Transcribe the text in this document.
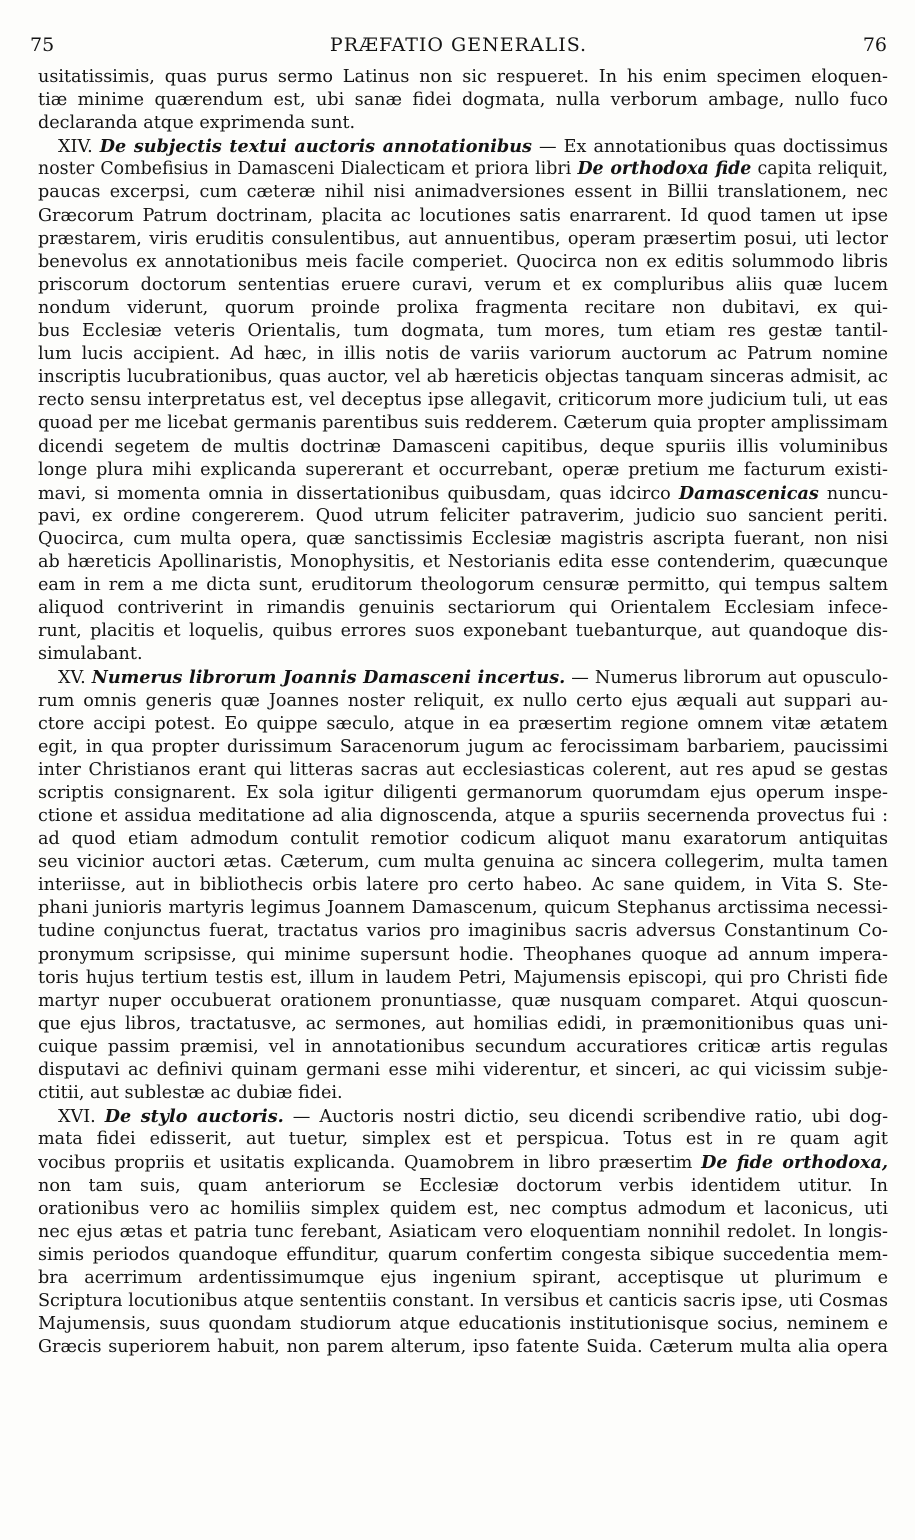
75	PRÆFATIO GENERALIS.	76
usitatissimis, quas purus sermo Latinus non sic respueret. In his enim specimen eloquen-
tiæ minime quærendum est, ubi sanæ fidei dogmata, nulla verborum ambage, nullo fuco
declaranda atque exprimenda sunt.
XIV. De subjectis textui auctoris annotationibus — Ex annotationibus quas doctissimus
noster Combefisius in Damasceni Dialecticam et priora libri De orthodoxa fide capita reliquit,
paucas excerpsi, cum cæteræ nihil nisi animadversiones essent in Billii translationem, nec
Græcorum Patrum doctrinam, placita ac locutiones satis enarrarent. Id quod tamen ut ipse
præstarem, viris eruditis consulentibus, aut annuentibus, operam præsertim posui, uti lector
benevolus ex annotationibus meis facile comperiet. Quocirca non ex editis solummodo libris
priscorum doctorum sententias eruere curavi, verum et ex compluribus aliis quæ lucem
nondum viderunt, quorum proinde prolixa fragmenta recitare non dubitavi, ex qui-
bus Ecclesiæ veteris Orientalis, tum dogmata, tum mores, tum etiam res gestæ tantil-
lum lucis accipient. Ad hæc, in illis notis de variis variorum auctorum ac Patrum nomine
inscriptis lucubrationibus, quas auctor, vel ab hæreticis objectas tanquam sinceras admisit, ac
recto sensu interpretatus est, vel deceptus ipse allegavit, criticorum more judicium tuli, ut eas
quoad per me licebat germanis parentibus suis redderem. Cæterum quia propter amplissimam
dicendi segetem de multis doctrinæ Damasceni capitibus, deque spuriis illis voluminibus
longe plura mihi explicanda supererant et occurrebant, operæ pretium me facturum existi-
mavi, si momenta omnia in dissertationibus quibusdam, quas idcirco Damascenicas nuncu-
pavi, ex ordine congererem. Quod utrum feliciter patraverim, judicio suo sancient periti.
Quocirca, cum multa opera, quæ sanctissimis Ecclesiæ magistris ascripta fuerant, non nisi
ab hæreticis Apollinaristis, Monophysitis, et Nestorianis edita esse contenderim, quæcunque
eam in rem a me dicta sunt, eruditorum theologorum censuræ permitto, qui tempus saltem
aliquod contriverint in rimandis genuinis sectariorum qui Orientalem Ecclesiam infece-
runt, placitis et loquelis, quibus errores suos exponebant tuebanturque, aut quandoque dis-
simulabant.
XV. Numerus librorum Joannis Damasceni incertus. — Numerus librorum aut opusculo-
rum omnis generis quæ Joannes noster reliquit, ex nullo certo ejus æquali aut suppari au-
ctore accipi potest. Eo quippe sæculo, atque in ea præsertim regione omnem vitæ ætatem
egit, in qua propter durissimum Saracenorum jugum ac ferocissimam barbariem, paucissimi
inter Christianos erant qui litteras sacras aut ecclesiasticas colerent, aut res apud se gestas
scriptis consignarent. Ex sola igitur diligenti germanorum quorumdam ejus operum inspe-
ctione et assidua meditatione ad alia dignoscenda, atque a spuriis secernenda provectus fui :
ad quod etiam admodum contulit remotior codicum aliquot manu exaratorum antiquitas
seu vicinior auctori ætas. Cæterum, cum multa genuina ac sincera collegerim, multa tamen
interiisse, aut in bibliothecis orbis latere pro certo habeo. Ac sane quidem, in Vita S. Ste-
phani junioris martyris legimus Joannem Damascenum, quicum Stephanus arctissima necessi-
tudine conjunctus fuerat, tractatus varios pro imaginibus sacris adversus Constantinum Co-
pronymum scripsisse, qui minime supersunt hodie. Theophanes quoque ad annum impera-
toris hujus tertium testis est, illum in laudem Petri, Majumensis episcopi, qui pro Christi fide
martyr nuper occubuerat orationem pronuntiasse, quæ nusquam comparet. Atqui quoscun-
que ejus libros, tractatusve, ac sermones, aut homilias edidi, in præmonitionibus quas uni-
cuique passim præmisi, vel in annotationibus secundum accuratiores criticæ artis regulas
disputavi ac definivi quinam germani esse mihi viderentur, et sinceri, ac qui vicissim subje-
ctitii, aut sublestæ ac dubiæ fidei.
XVI. De stylo auctoris. — Auctoris nostri dictio, seu dicendi scribendive ratio, ubi dog-
mata fidei edisserit, aut tuetur, simplex est et perspicua. Totus est in re quam agit
vocibus propriis et usitatis explicanda. Quamobrem in libro præsertim De fide orthodoxa,
non tam suis, quam anteriorum se Ecclesiæ doctorum verbis identidem utitur. In
orationibus vero ac homiliis simplex quidem est, nec comptus admodum et laconicus, uti
nec ejus ætas et patria tunc ferebant, Asiaticam vero eloquentiam nonnihil redolet. In longis-
simis periodos quandoque effunditur, quarum confertim congesta sibique succedentia mem-
bra acerrimum ardentissimumque ejus ingenium spirant, acceptisque ut plurimum e
Scriptura locutionibus atque sententiis constant. In versibus et canticis sacris ipse, uti Cosmas
Majumensis, suus quondam studiorum atque educationis institutionisque socius, neminem e
Græcis superiorem habuit, non parem alterum, ipso fatente Suida. Cæterum multa alia opera
